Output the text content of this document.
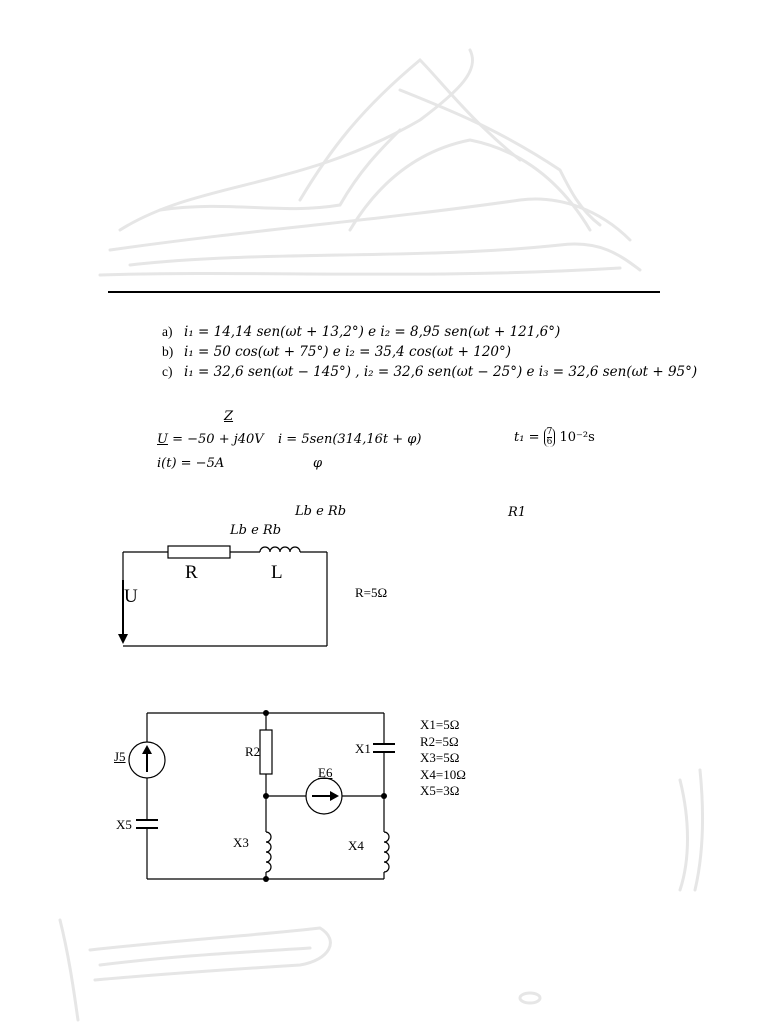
a) i₁ = 14,14 sen(ωt + 13,2°) e i₂ = 8,95 sen(ωt + 121,6°)
b) i₁ = 50 cos(ωt + 75°) e i₂ = 35,4 cos(ωt + 120°)
c) i₁ = 32,6 sen(ωt − 145°) , i₂ = 32,6 sen(ωt − 25°) e i₃ = 32,6 sen(ωt + 95°)
Z
U = −50 + j40V i = 5sen(314,16t + φ)	$t_1 = \frac{7}{6} 10^{-2}s$
i(t) = −5A	φ
Lb e Rb	R1
Lb e Rb
R	L
U	R=5Ω
J5	R2	X1
E6
X5
X3	X4
X1=5Ω
R2=5Ω
X3=5Ω
X4=10Ω
X5=3Ω
